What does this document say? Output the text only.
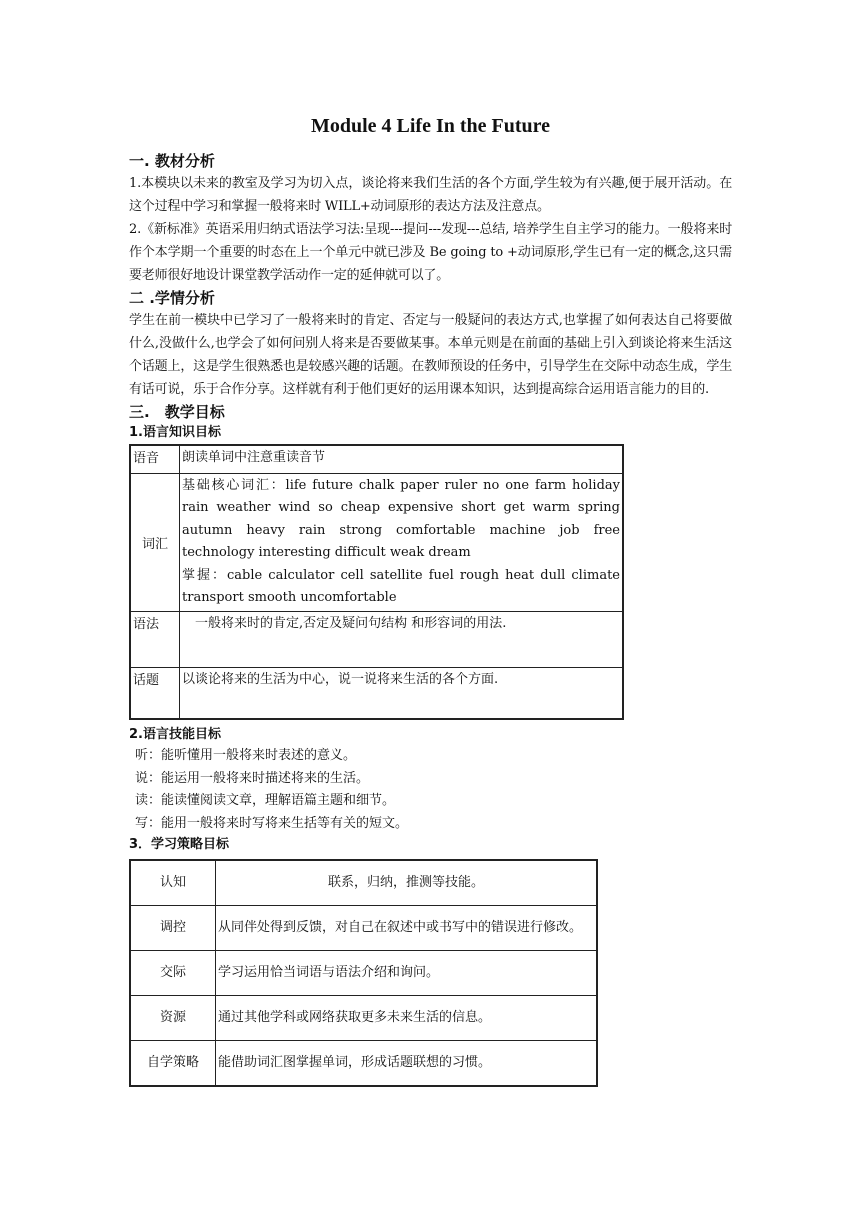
Module 4 Life In the Future
一. 教材分析

1.本模块以未来的教室及学习为切入点，谈论将来我们生活的各个方面,学生较为有兴趣,便于展开活动。在这个过程中学习和掌握一般将来时 WILL+动词原形的表达方法及注意点。

2.《新标准》英语采用归纳式语法学习法:呈现---提问---发现---总结, 培养学生自主学习的能力。一般将来时作个本学期一个重要的时态在上一个单元中就已涉及 Be going to +动词原形,学生已有一定的概念,这只需要老师很好地设计课堂教学活动作一定的延伸就可以了。

二 .学情分析

学生在前一模块中已学习了一般将来时的肯定、否定与一般疑问的表达方式,也掌握了如何表达自己将要做什么,没做什么,也学会了如何问别人将来是否要做某事。本单元则是在前面的基础上引入到谈论将来生活这个话题上，这是学生很熟悉也是较感兴趣的话题。在教师预设的任务中，引导学生在交际中动态生成，学生有话可说，乐于合作分享。这样就有利于他们更好的运用课本知识，达到提高综合运用语言能力的目的.

三.　教学目标
1.语言知识目标
语音	朗读单词中注意重读音节
词汇	基础核心词汇：life future chalk paper ruler no one farm holiday rain weather wind so cheap expensive short get warm spring autumn heavy rain strong comfortable machine job free technology interesting difficult weak dream
掌握：cable calculator cell satellite fuel rough heat dull climate transport smooth uncomfortable

语法	　一般将来时的肯定,否定及疑问句结构 和形容词的用法.
话题	以谈论将来的生活为中心，说一说将来生活的各个方面.
2.语言技能目标

听：能听懂用一般将来时表述的意义。

说：能运用一般将来时描述将来的生活。

读：能读懂阅读文章，理解语篇主题和细节。

写：能用一般将来时写将来生括等有关的短文。

3．学习策略目标
认知	联系，归纳，推测等技能。
调控	从同伴处得到反馈，对自己在叙述中或书写中的错误进行修改。
交际	学习运用恰当词语与语法介绍和询问。
资源	通过其他学科或网络获取更多未来生活的信息。
自学策略	能借助词汇图掌握单词，形成话题联想的习惯。
